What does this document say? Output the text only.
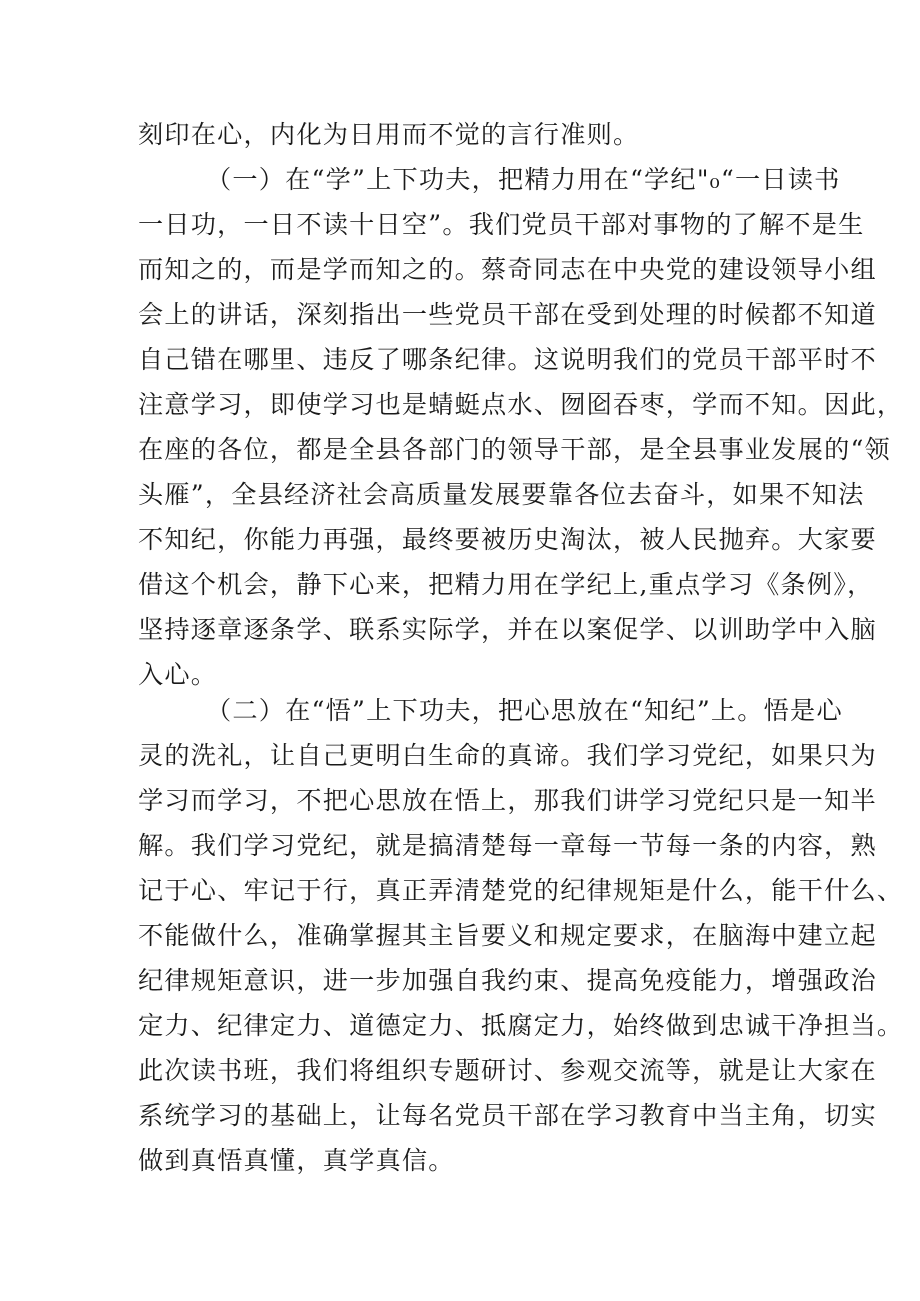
刻印在心，内化为日用而不觉的言行准则。
（一）在“学”上下功夫，把精力用在“学纪"₀“一日读书
一日功，一日不读十日空”。我们党员干部对事物的了解不是生
而知之的，而是学而知之的。蔡奇同志在中央党的建设领导小组
会上的讲话，深刻指出一些党员干部在受到处理的时候都不知道
自己错在哪里、违反了哪条纪律。这说明我们的党员干部平时不
注意学习，即使学习也是蜻蜓点水、囫囵吞枣，学而不知。因此，
在座的各位，都是全县各部门的领导干部，是全县事业发展的“领
头雁”，全县经济社会高质量发展要靠各位去奋斗，如果不知法
不知纪，你能力再强，最终要被历史淘汰，被人民抛弃。大家要
借这个机会，静下心来，把精力用在学纪上,重点学习《条例》，
坚持逐章逐条学、联系实际学，并在以案促学、以训助学中入脑
入心。
（二）在“悟”上下功夫，把心思放在“知纪”上。悟是心
灵的洗礼，让自己更明白生命的真谛。我们学习党纪，如果只为
学习而学习，不把心思放在悟上，那我们讲学习党纪只是一知半
解。我们学习党纪，就是搞清楚每一章每一节每一条的内容，熟
记于心、牢记于行，真正弄清楚党的纪律规矩是什么，能干什么、
不能做什么，准确掌握其主旨要义和规定要求，在脑海中建立起
纪律规矩意识，进一步加强自我约束、提高免疫能力，增强政治
定力、纪律定力、道德定力、抵腐定力，始终做到忠诚干净担当。
此次读书班，我们将组织专题研讨、参观交流等，就是让大家在
系统学习的基础上，让每名党员干部在学习教育中当主角，切实
做到真悟真懂，真学真信。
